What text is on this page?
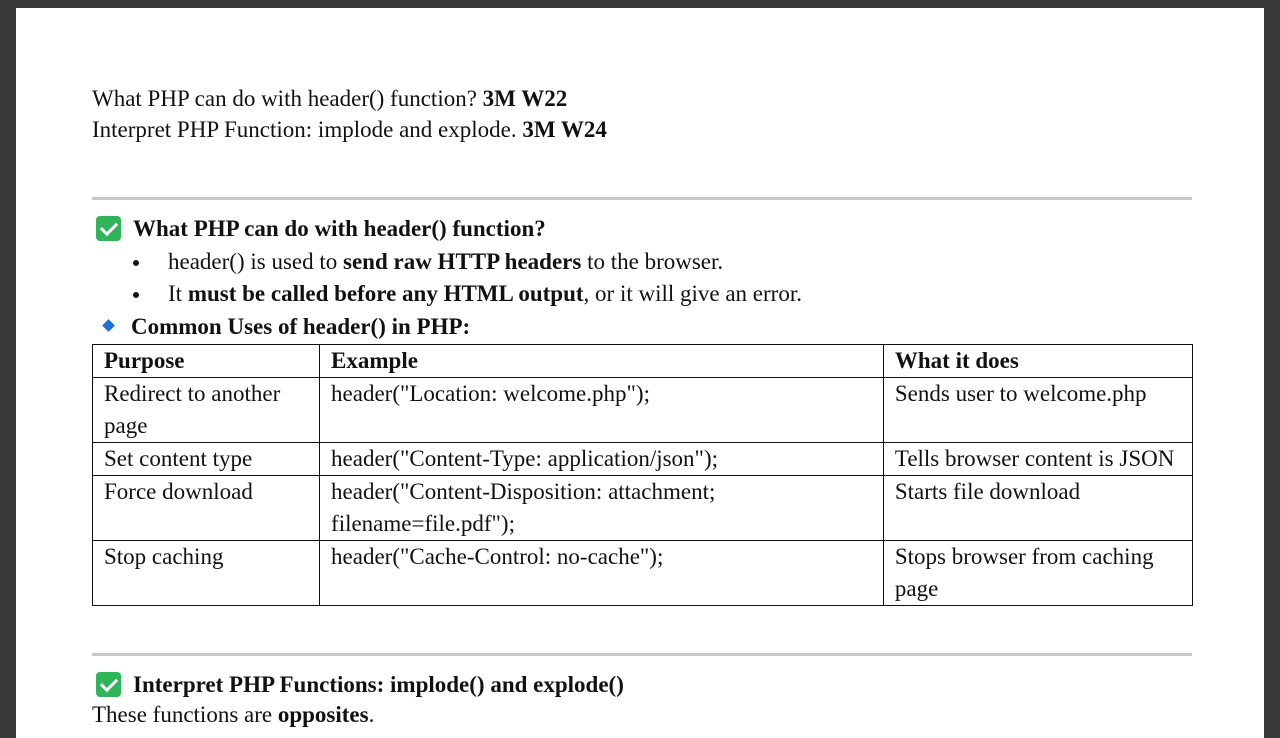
What PHP can do with header() function? 3M W22
Interpret PHP Function: implode and explode. 3M W24
What PHP can do with header() function?
header() is used to send raw HTTP headers to the browser.
It must be called before any HTML output, or it will give an error.
Common Uses of header() in PHP:
Purpose	Example	What it does
Redirect to another page	header("Location: welcome.php");	Sends user to welcome.php
Set content type	header("Content-Type: application/json");	Tells browser content is JSON
Force download	header("Content-Disposition: attachment; filename=file.pdf");	Starts file download
Stop caching	header("Cache-Control: no-cache");	Stops browser from caching page
Interpret PHP Functions: implode() and explode()
These functions are opposites.
